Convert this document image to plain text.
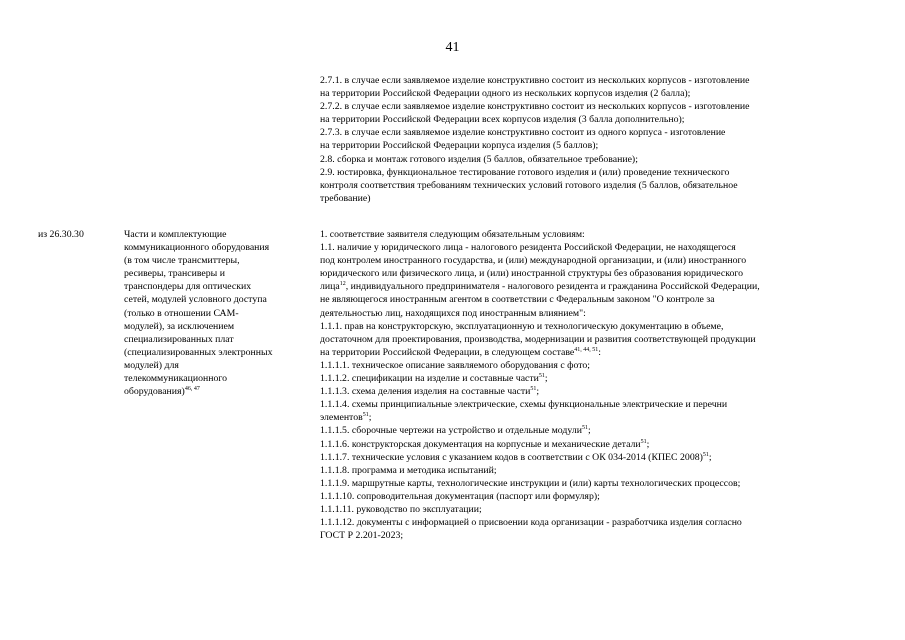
41
2.7.1. в случае если заявляемое изделие конструктивно состоит из нескольких корпусов - изготовление
на территории Российской Федерации одного из нескольких корпусов изделия (2 балла);
2.7.2. в случае если заявляемое изделие конструктивно состоит из нескольких корпусов - изготовление
на территории Российской Федерации всех корпусов изделия (3 балла дополнительно);
2.7.3. в случае если заявляемое изделие конструктивно состоит из одного корпуса - изготовление
на территории Российской Федерации корпуса изделия (5 баллов);
2.8. сборка и монтаж готового изделия (5 баллов, обязательное требование);
2.9. юстировка, функциональное тестирование готового изделия и (или) проведение технического
контроля соответствия требованиям технических условий готового изделия (5 баллов, обязательное
требование)
из 26.30.30	Части и комплектующие
коммуникационного оборудования
(в том числе трансмиттеры,
ресиверы, трансиверы и
транспондеры для оптических
сетей, модулей условного доступа
(только в отношении САМ-
модулей), за исключением
специализированных плат
(специализированных электронных
модулей) для
телекоммуникационного
оборудования)$^{46, 47}$
1. соответствие заявителя следующим обязательным условиям:
1.1. наличие у юридического лица - налогового резидента Российской Федерации, не находящегося
под контролем иностранного государства, и (или) международной организации, и (или) иностранного
юридического или физического лица, и (или) иностранной структуры без образования юридического
лица$^{12}$, индивидуального предпринимателя - налогового резидента и гражданина Российской Федерации,
не являющегося иностранным агентом в соответствии с Федеральным законом "О контроле за
деятельностью лиц, находящихся под иностранным влиянием":
1.1.1. прав на конструкторскую, эксплуатационную и технологическую документацию в объеме,
достаточном для проектирования, производства, модернизации и развития соответствующей продукции
на территории Российской Федерации, в следующем составе$^{41, 44, 51}$:
1.1.1.1. техническое описание заявляемого оборудования с фото;
1.1.1.2. спецификации на изделие и составные части$^{51}$;
1.1.1.3. схема деления изделия на составные части$^{51}$;
1.1.1.4. схемы принципиальные электрические, схемы функциональные электрические и перечни
элементов$^{51}$;
1.1.1.5. сборочные чертежи на устройство и отдельные модули$^{51}$;
1.1.1.6. конструкторская документация на корпусные и механические детали$^{51}$;
1.1.1.7. технические условия с указанием кодов в соответствии с ОК 034-2014 (КПЕС 2008)$^{51}$;
1.1.1.8. программа и методика испытаний;
1.1.1.9. маршрутные карты, технологические инструкции и (или) карты технологических процессов;
1.1.1.10. сопроводительная документация (паспорт или формуляр);
1.1.1.11. руководство по эксплуатации;
1.1.1.12. документы с информацией о присвоении кода организации - разработчика изделия согласно
ГОСТ Р 2.201-2023;
